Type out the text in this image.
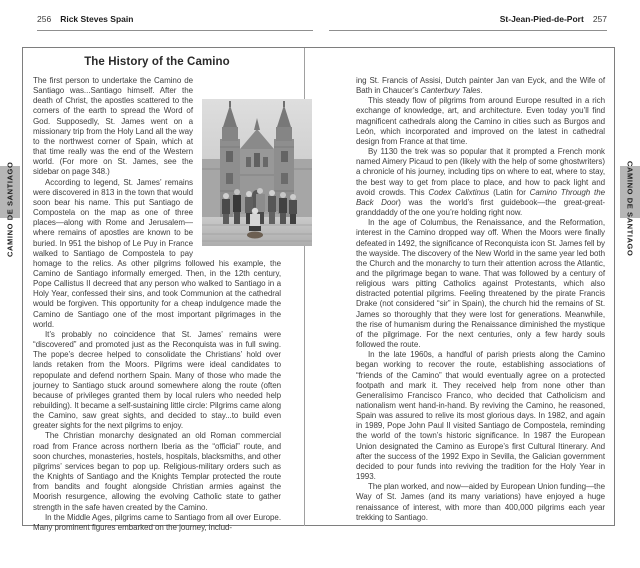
256 Rick Steves Spain	St-Jean-Pied-de-Port 257
The History of the Camino

The first person to undertake the Camino de Santiago was...Santiago himself. After the death of Christ, the apostles scattered to the corners of the earth to spread the Word of God. Supposedly, St. James went on a missionary trip from the Holy Land all the way to the northwest corner of Spain, which at that time really was the end of the Western world. (For more on St. James, see the sidebar on page 348.)

According to legend, St. James’ remains were discovered in 813 in the town that would soon bear his name. This put Santiago de Compostela on the map as one of three places—along with Rome and Jerusalem—where remains of apostles are known to be buried. In 951 the bishop of Le Puy in France walked to Santiago de Compostela to pay homage to the relics. As other pilgrims followed his example, the Camino de Santiago informally emerged. Then, in the 12th century, Pope Callistus II decreed that any person who walked to Santiago in a Holy Year, confessed their sins, and took Communion at the cathedral would be forgiven. This opportunity for a cheap indulgence made the Camino de Santiago one of the most important pilgrimages in the world.

It’s probably no coincidence that St. James’ remains were “discovered” and promoted just as the Reconquista was in full swing. The pope’s decree helped to consolidate the Christians’ hold over lands retaken from the Moors. Pilgrims were ideal candidates to repopulate and defend northern Spain. Many of those who made the journey to Santiago stuck around somewhere along the route (often because of privileges granted them by local rulers who needed help rebuilding). It became a self-sustaining little circle: Pilgrims came along the Camino, saw great sights, and decided to stay...to build even greater sights for the next pilgrims to enjoy.

The Christian monarchy designated an old Roman commercial road from France across northern Iberia as the “official” route, and soon churches, monasteries, hostels, hospitals, blacksmiths, and other pilgrims’ services began to pop up. Religious-military orders such as the Knights of Santiago and the Knights Templar protected the route from bandits and fought alongside Christian armies against the Moorish resurgence, allowing the evolving Catholic state to gather strength in the safe haven created by the Camino.

In the Middle Ages, pilgrims came to Santiago from all over Europe. Many prominent figures embarked on the journey, includ-

ing St. Francis of Assisi, Dutch painter Jan van Eyck, and the Wife of Bath in Chaucer’s Canterbury Tales.

This steady flow of pilgrims from around Europe resulted in a rich exchange of knowledge, art, and architecture. Even today you’ll find magnificent cathedrals along the Camino in cities such as Burgos and León, which incorporated and improved on the latest in cathedral design from France at that time.

By 1130 the trek was so popular that it prompted a French monk named Aimery Picaud to pen (likely with the help of some ghostwriters) a chronicle of his journey, including tips on where to eat, where to stay, the best way to get from place to place, and how to pack light and avoid crowds. This Codex Calixtinus (Latin for Camino Through the Back Door) was the world’s first guidebook—the great-great-granddaddy of the one you’re holding right now.

In the age of Columbus, the Renaissance, and the Reformation, interest in the Camino dropped way off. When the Moors were finally defeated in 1492, the significance of Reconquista icon St. James fell by the wayside. The discovery of the New World in the same year led both the Church and the monarchy to turn their attention across the Atlantic, and the pilgrimage began to wane. That was followed by a century of religious wars pitting Catholics against Protestants, which also distracted potential pilgrims. Feeling threatened by the pirate Francis Drake (not considered “sir” in Spain), the church hid the remains of St. James so thoroughly that they were lost for generations. Meanwhile, the rise of humanism during the Renaissance diminished the mystique of the pilgrimage. For the next centuries, only a few hardy souls followed the route.

In the late 1960s, a handful of parish priests along the Camino began working to recover the route, establishing associations of “friends of the Camino” that would eventually agree on a protected footpath and mark it. They received help from none other than Generalísimo Francisco Franco, who decided that Catholicism and nationalism went hand-in-hand. By reviving the Camino, he reasoned, Spain was assured to relive its most glorious days. In 1982, and again in 1989, Pope John Paul II visited Santiago de Compostela, reminding the world of the town’s historic significance. In 1987 the European Union designated the Camino as Europe’s first Cultural Itinerary. And after the success of the 1992 Expo in Sevilla, the Galician government decided to pour funds into reviving the tradition for the Holy Year in 1993.

The plan worked, and now—aided by European Union funding—the Way of St. James (and its many variations) have enjoyed a huge renaissance of interest, with more than 400,000 pilgrims each year trekking to Santiago.

CAMINO DE SANTIAGO	CAMINO DE SANTIAGO
